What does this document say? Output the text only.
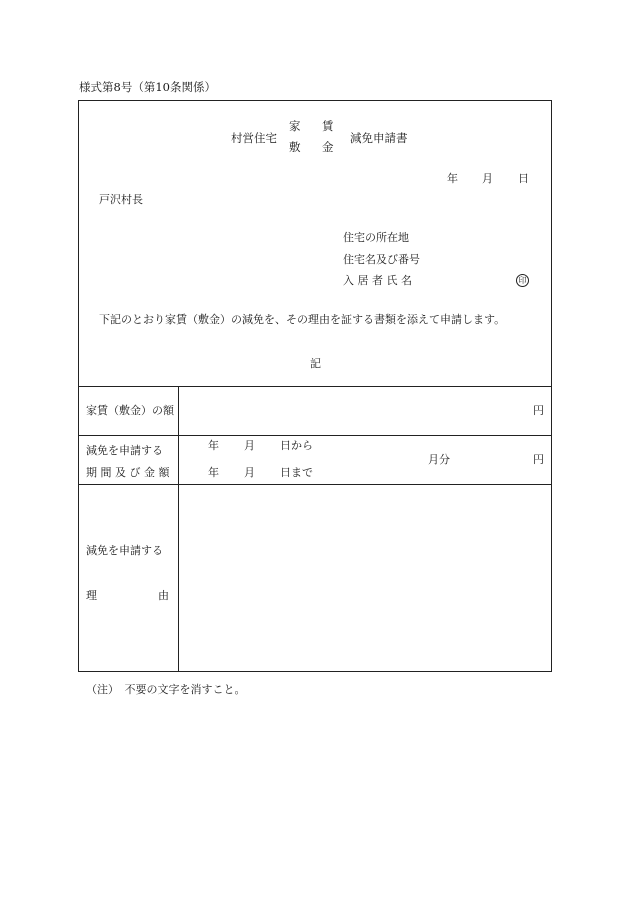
様式第8号（第10条関係）
村営住宅
家 賃
敷 金
減免申請書
年 月 日
戸沢村長
住宅の所在地
住宅名及び番号
入 居 者 氏 名	印
下記のとおり家賃（敷金）の減免を、その理由を証する書類を添えて申請します。
記
家賃（敷金）の額	円
減免を申請する
期 間 及 び 金 額
年 月 日から
年 月 日まで
月分	円
減免を申請する
理	由
（注）　不要の文字を消すこと。
